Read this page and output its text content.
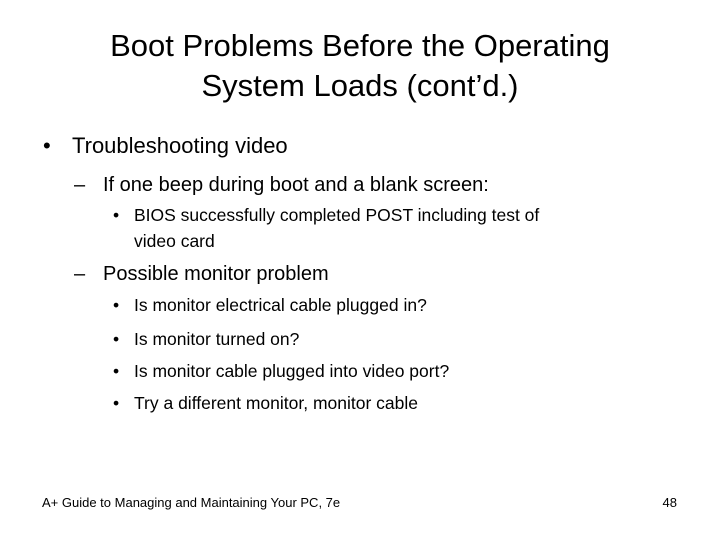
Boot Problems Before the Operating
System Loads (cont’d.)
• Troubleshooting video
– If one beep during boot and a blank screen:
• BIOS successfully completed POST including test of
video card
– Possible monitor problem
• Is monitor electrical cable plugged in?
• Is monitor turned on?
• Is monitor cable plugged into video port?
• Try a different monitor, monitor cable
A+ Guide to Managing and Maintaining Your PC, 7e	48
